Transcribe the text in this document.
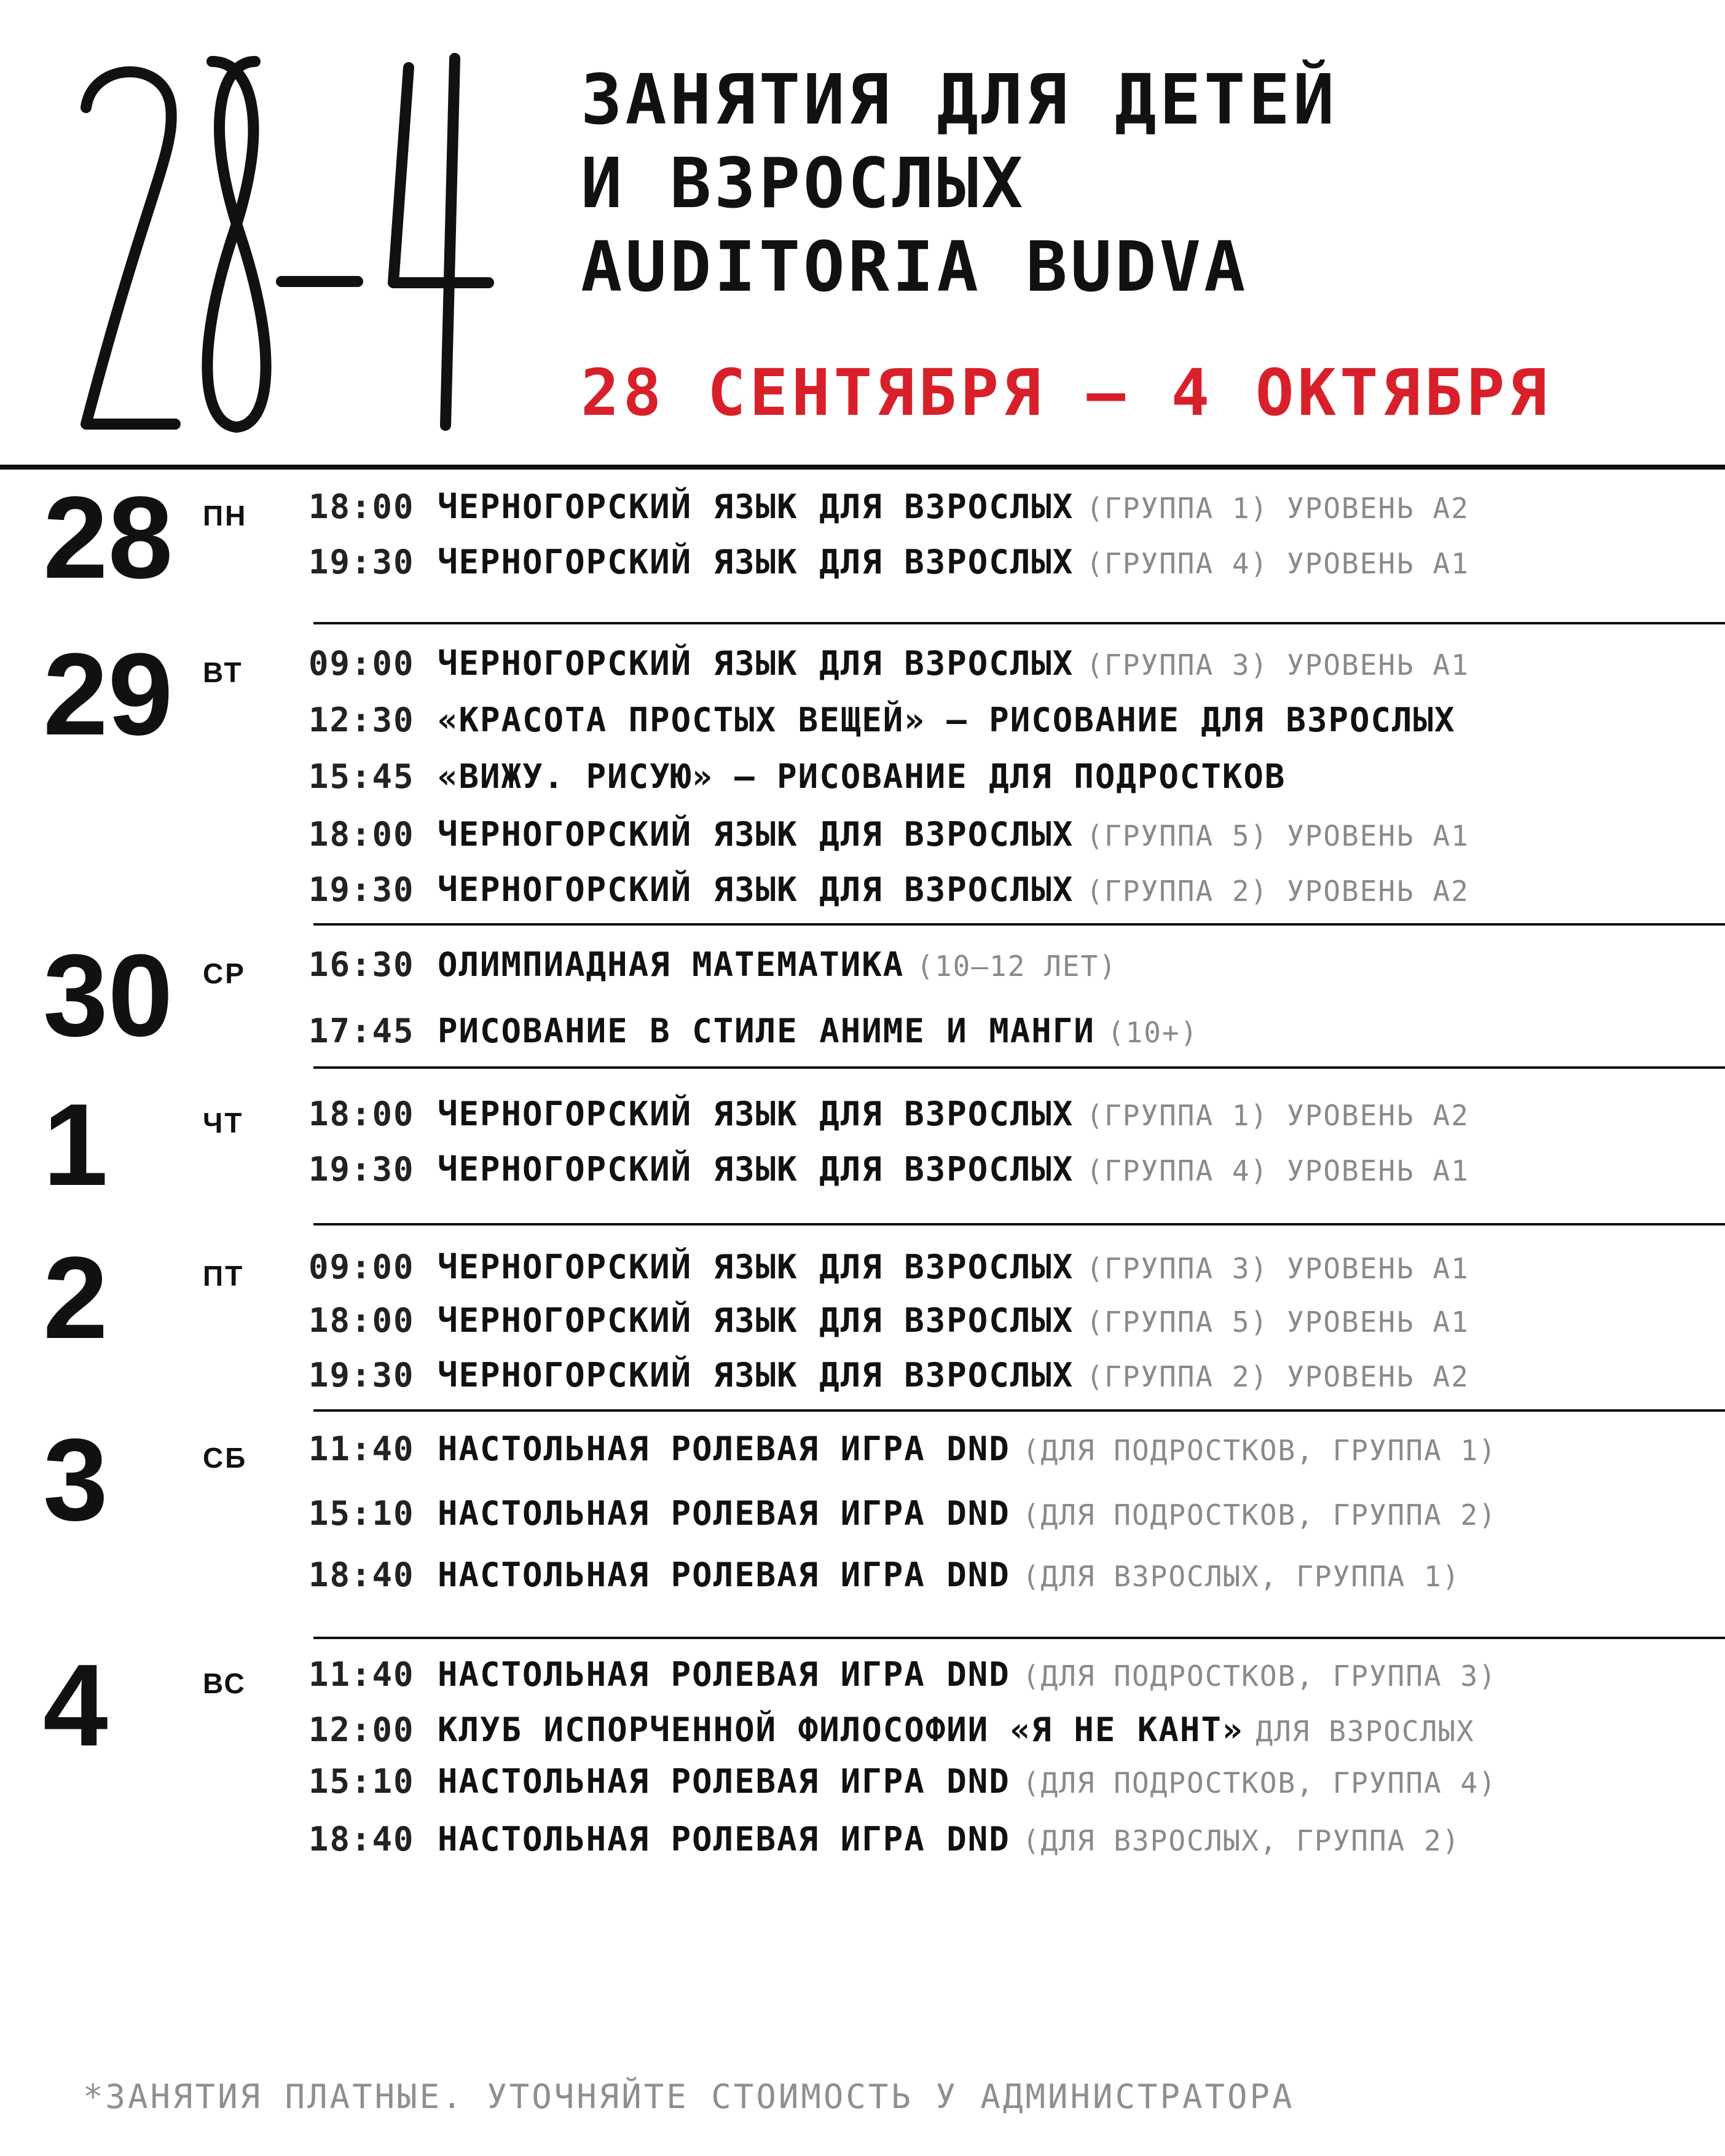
ЗАНЯТИЯ ДЛЯ ДЕТЕЙ
И ВЗРОСЛЫХ
AUDITORIA BUDVA
28 СЕНТЯБРЯ — 4 ОКТЯБРЯ
28 ПН 18:00 ЧЕРНОГОРСКИЙ ЯЗЫК ДЛЯ ВЗРОСЛЫХ (ГРУППА 1) УРОВЕНЬ А2
19:30 ЧЕРНОГОРСКИЙ ЯЗЫК ДЛЯ ВЗРОСЛЫХ (ГРУППА 4) УРОВЕНЬ А1
29 ВТ 09:00 ЧЕРНОГОРСКИЙ ЯЗЫК ДЛЯ ВЗРОСЛЫХ (ГРУППА 3) УРОВЕНЬ А1
12:30 «КРАСОТА ПРОСТЫХ ВЕЩЕЙ» — РИСОВАНИЕ ДЛЯ ВЗРОСЛЫХ
15:45 «ВИЖУ. РИСУЮ» — РИСОВАНИЕ ДЛЯ ПОДРОСТКОВ
18:00 ЧЕРНОГОРСКИЙ ЯЗЫК ДЛЯ ВЗРОСЛЫХ (ГРУППА 5) УРОВЕНЬ А1
19:30 ЧЕРНОГОРСКИЙ ЯЗЫК ДЛЯ ВЗРОСЛЫХ (ГРУППА 2) УРОВЕНЬ А2
30 СР 16:30 ОЛИМПИАДНАЯ МАТЕМАТИКА (10–12 ЛЕТ)
17:45 РИСОВАНИЕ В СТИЛЕ АНИМЕ И МАНГИ (10+)
1	ЧТ 18:00 ЧЕРНОГОРСКИЙ ЯЗЫК ДЛЯ ВЗРОСЛЫХ (ГРУППА 1) УРОВЕНЬ А2
19:30 ЧЕРНОГОРСКИЙ ЯЗЫК ДЛЯ ВЗРОСЛЫХ (ГРУППА 4) УРОВЕНЬ А1
2	ПТ 09:00 ЧЕРНОГОРСКИЙ ЯЗЫК ДЛЯ ВЗРОСЛЫХ (ГРУППА 3) УРОВЕНЬ А1
18:00 ЧЕРНОГОРСКИЙ ЯЗЫК ДЛЯ ВЗРОСЛЫХ (ГРУППА 5) УРОВЕНЬ А1
19:30 ЧЕРНОГОРСКИЙ ЯЗЫК ДЛЯ ВЗРОСЛЫХ (ГРУППА 2) УРОВЕНЬ А2
3	СБ 11:40 НАСТОЛЬНАЯ РОЛЕВАЯ ИГРА DND (ДЛЯ ПОДРОСТКОВ, ГРУППА 1)
15:10 НАСТОЛЬНАЯ РОЛЕВАЯ ИГРА DND (ДЛЯ ПОДРОСТКОВ, ГРУППА 2)
18:40 НАСТОЛЬНАЯ РОЛЕВАЯ ИГРА DND (ДЛЯ ВЗРОСЛЫХ, ГРУППА 1)
4	ВС 11:40 НАСТОЛЬНАЯ РОЛЕВАЯ ИГРА DND (ДЛЯ ПОДРОСТКОВ, ГРУППА 3)
12:00 КЛУБ ИСПОРЧЕННОЙ ФИЛОСОФИИ «Я НЕ КАНТ» ДЛЯ ВЗРОСЛЫХ
15:10 НАСТОЛЬНАЯ РОЛЕВАЯ ИГРА DND (ДЛЯ ПОДРОСТКОВ, ГРУППА 4)
18:40 НАСТОЛЬНАЯ РОЛЕВАЯ ИГРА DND (ДЛЯ ВЗРОСЛЫХ, ГРУППА 2)
*ЗАНЯТИЯ ПЛАТНЫЕ. УТОЧНЯЙТЕ СТОИМОСТЬ У АДМИНИСТРАТОРА
